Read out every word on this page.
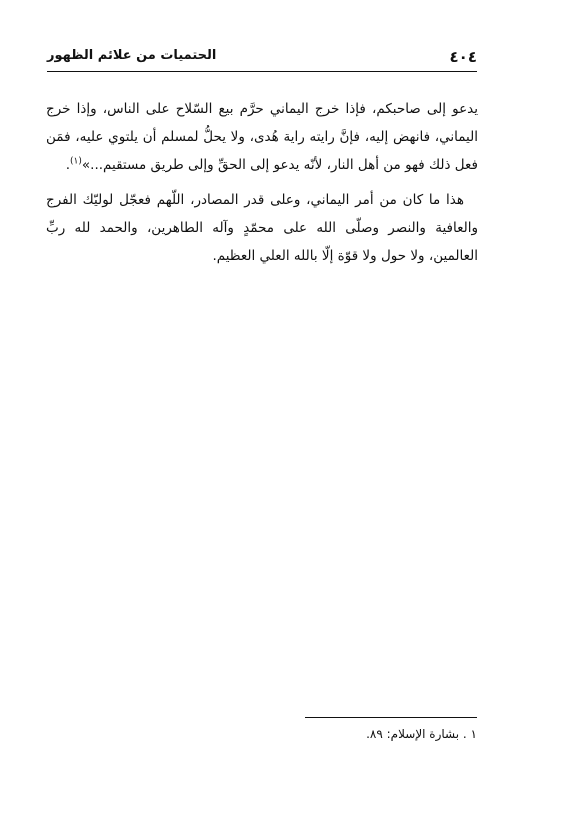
٤٠٤
الحتميات من علائم الظهور

يدعو إلى صاحبكم، فإذا خرج اليماني حرَّم بيع السّلاح على الناس، وإذا خرج اليماني، فانهض إليه، فإنَّ رايته راية هُدى، ولا يحلُّ لمسلم أن يلتوي عليه، فمَن فعل ذلك فهو من أهل النار، لأنّه يدعو إلى الحقِّ وإلى طريق مستقيم...»$^{(١)}$.

هذا ما كان من أمر اليماني، وعلى قدر المصادر، اللّهم فعجّل لوليّك الفرج والعافية والنصر وصلّى الله على محمّدٍ وآله الطاهرين، والحمد لله ربِّ العالمين، ولا حول ولا قوّة إلّا بالله العلي العظيم.

١ . بشارة الإسلام: ٨٩.
